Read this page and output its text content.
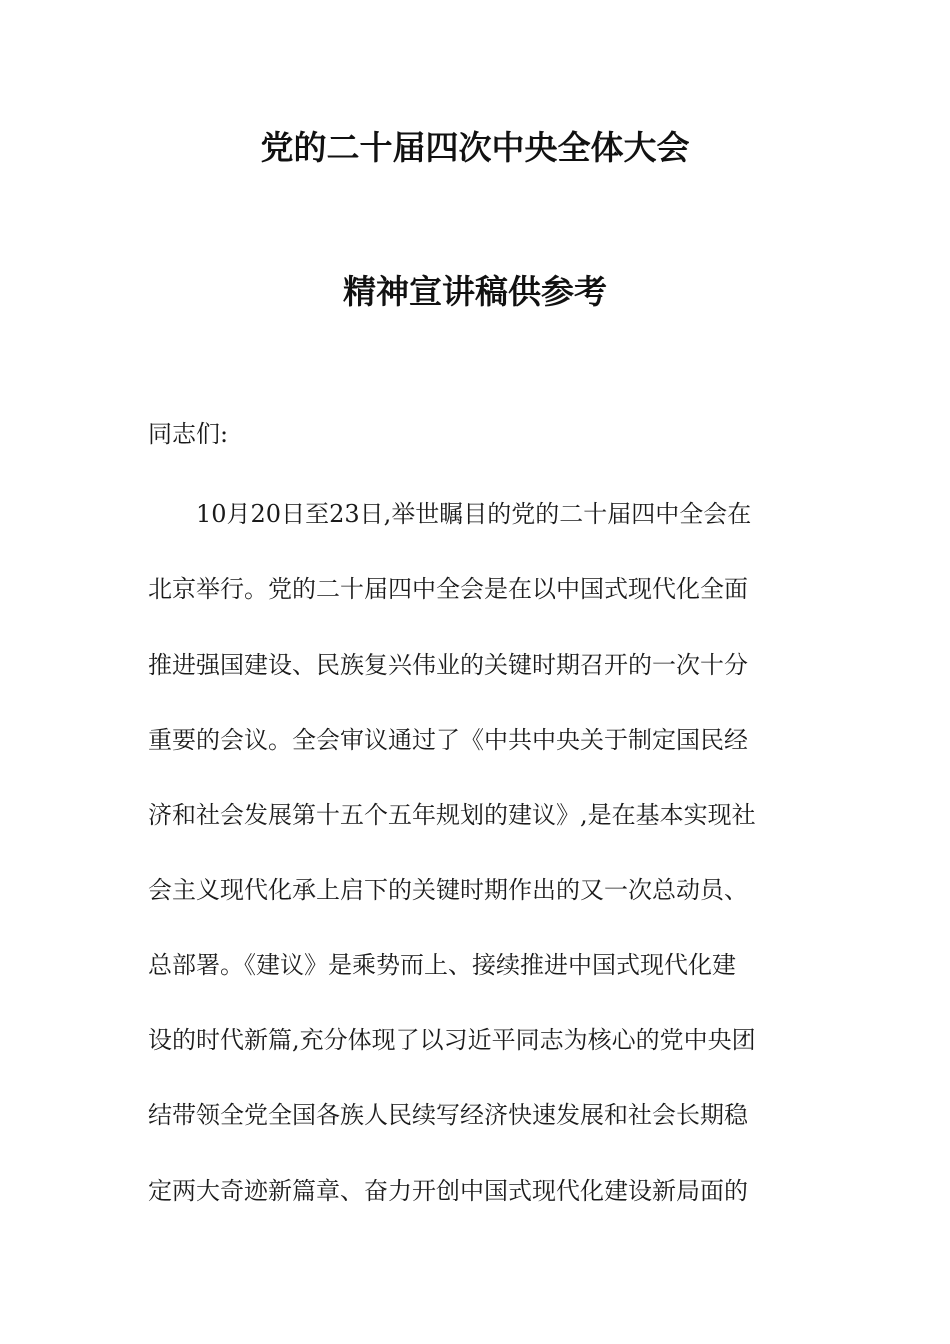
党的二十届四次中央全体大会
精神宣讲稿供参考
同志们:
10月20日至23日,举世瞩目的党的二十届四中全会在
北京举行。党的二十届四中全会是在以中国式现代化全面
推进强国建设、民族复兴伟业的关键时期召开的一次十分
重要的会议。全会审议通过了《中共中央关于制定国民经
济和社会发展第十五个五年规划的建议》,是在基本实现社
会主义现代化承上启下的关键时期作出的又一次总动员、
总部署。《建议》是乘势而上、接续推进中国式现代化建
设的时代新篇,充分体现了以习近平同志为核心的党中央团
结带领全党全国各族人民续写经济快速发展和社会长期稳
定两大奇迹新篇章、奋力开创中国式现代化建设新局面的
